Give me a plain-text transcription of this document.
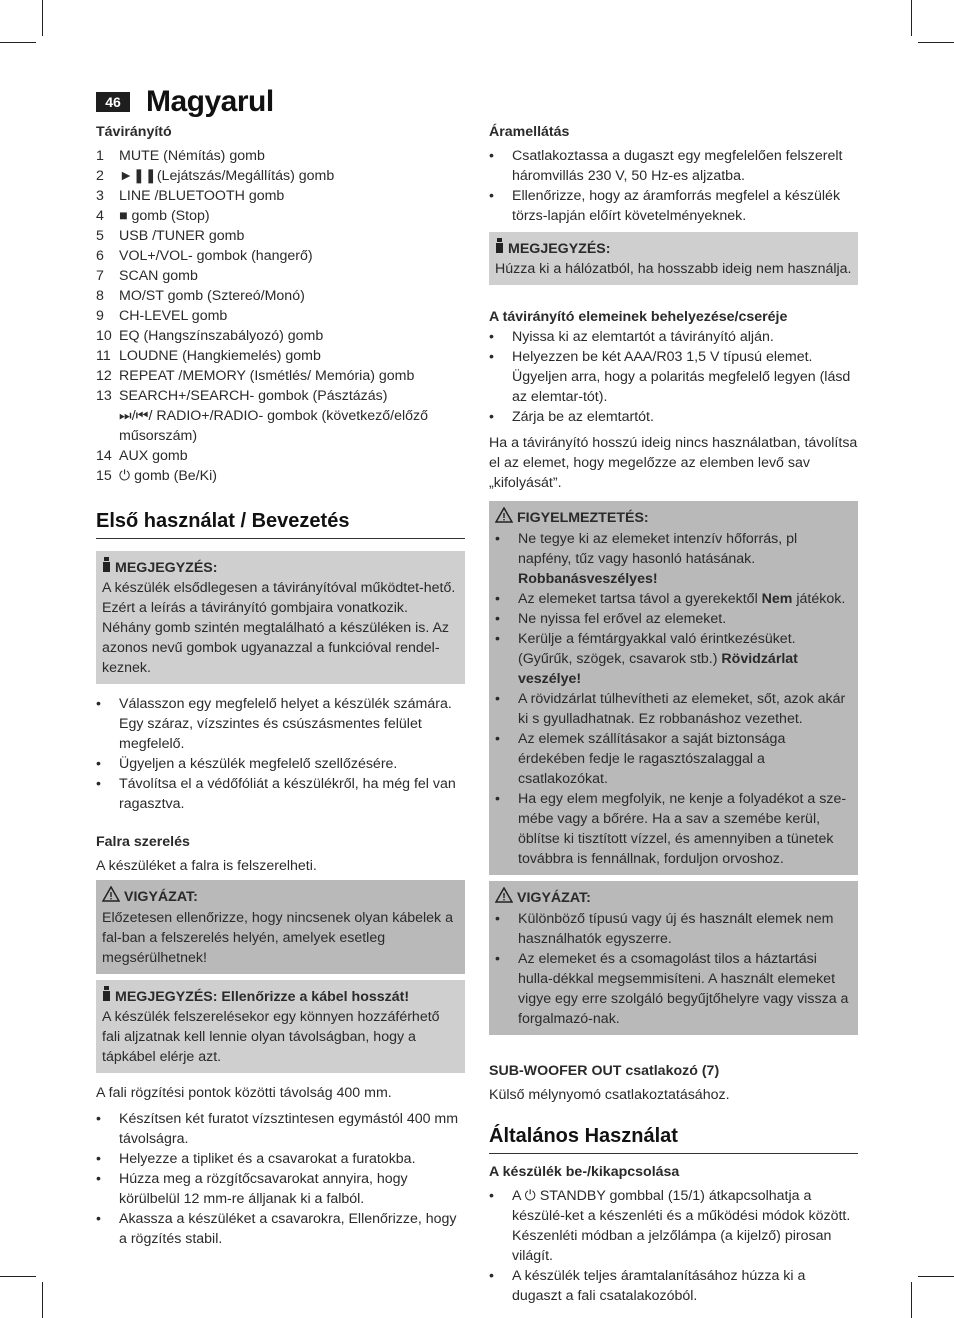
46 Magyarul

Távirányító

1	MUTE (Némítás) gomb
2	►❚❚(Lejátszás/Megállítás) gomb
3	LINE /BLUETOOTH gomb
4	■ gomb (Stop)
5	USB /TUNER gomb
6	VOL+/VOL- gombok (hangerő)
7	SCAN gomb
8	MO/ST gomb (Sztereó/Monó)
9	CH-LEVEL gomb
10 EQ (Hangszínszabályozó) gomb
11 LOUDNE (Hangkiemelés) gomb
12 REPEAT /MEMORY (Ismétlés/ Memória) gomb
13 SEARCH+/SEARCH- gombok (Pásztázás)
⏭/⏮/ RADIO+/RADIO- gombok (következő/előző műsorszám)
14 AUX gomb
15 ⏻ gomb (Be/Ki)
Első használat / Bevezetés
MEGJEGYZÉS:

A készülék elsődlegesen a távirányítóval működtet-hető. Ezért a leírás a távirányító gombjaira vonatkozik. Néhány gomb szintén megtalálható a készüléken is. Az azonos nevű gombok ugyanazzal a funkcióval rendel-keznek.

•	Válasszon egy megfelelő helyet a készülék számára. Egy száraz, vízszintes és csúszásmentes felület megfelelő.
•	Ügyeljen a készülék megfelelő szellőzésére.
•	Távolítsa el a védőfóliát a készülékről, ha még fel van ragasztva.

Falra szerelés

A készüléket a falra is felszerelheti.

VIGYÁZAT:

Előzetesen ellenőrizze, hogy nincsenek olyan kábelek a fal-ban a felszerelés helyén, amelyek esetleg megsérülhetnek!

MEGJEGYZÉS: Ellenőrizze a kábel hosszát!

A készülék felszerelésekor egy könnyen hozzáférhető fali aljzatnak kell lennie olyan távolságban, hogy a tápkábel elérje azt.

A fali rögzítési pontok közötti távolság 400 mm.

•	Készítsen két furatot vízsztintesen egymástól 400 mm távolságra.
•	Helyezze a tipliket és a csavarokat a furatokba.
•	Húzza meg a rözgítőcsavarokat annyira, hogy körülbelül 12 mm-re álljanak ki a falból.
•	Akassza a készüléket a csavarokra, Ellenőrizze, hogy a rögzítés stabil.

Áramellátás

•	Csatlakoztassa a dugaszt egy megfelelően felszerelt háromvillás 230 V, 50 Hz-es aljzatba.
•	Ellenőrizze, hogy az áramforrás megfelel a készülék törzs-lapján előírt követelményeknek.
MEGJEGYZÉS:

Húzza ki a hálózatból, ha hosszabb ideig nem használja.

A távirányító elemeinek behelyezése/cseréje

•	Nyissa ki az elemtartót a távirányító alján.
•	Helyezzen be két AAA/R03 1,5 V típusú elemet. Ügyeljen arra, hogy a polaritás megfelelő legyen (lásd az elemtar-tót).
•	Zárja be az elemtartót.

Ha a távirányító hosszú ideig nincs használatban, távolítsa el az elemet, hogy megelőzze az elemben levő sav „kifolyását”.

FIGYELMEZTETÉS:
•	Ne tegye ki az elemeket intenzív hőforrás, pl napfény, tűz vagy hasonló hatásának. Robbanásveszélyes!
•	Az elemeket tartsa távol a gyerekektől Nem játékok.
•	Ne nyissa fel erővel az elemeket.
•	Kerülje a fémtárgyakkal való érintkezésüket. (Gyűrűk, szögek, csavarok stb.) Rövidzárlat veszélye!
•	A rövidzárlat túlhevítheti az elemeket, sőt, azok akár ki s gyulladhatnak. Ez robbanáshoz vezethet.
•	Az elemek szállításakor a saját biztonsága érdekében fedje le ragasztószalaggal a csatlakozókat.
•	Ha egy elem megfolyik, ne kenje a folyadékot a sze-mébe vagy a bőrére. Ha a sav a szemébe kerül, öblítse ki tisztított vízzel, és amennyiben a tünetek továbbra is fennállnak, forduljon orvoshoz.
VIGYÁZAT:
•	Különböző típusú vagy új és használt elemek nem használhatók egyszerre.
•	Az elemeket és a csomagolást tilos a háztartási hulla-dékkal megsemmisíteni. A használt elemeket vigye egy erre szolgáló begyűjtőhelyre vagy vissza a forgalmazó-nak.

SUB-WOOFER OUT csatlakozó (7)

Külső mélynyomó csatlakoztatásához.

Általános Használat

A készülék be-/kikapcsolása

•	A ⏻ STANDBY gombbal (15/1) átkapcsolhatja a készülé-ket a készenléti és a működési módok között. Készenléti módban a jelzőlámpa (a kijelző) pirosan világít.
•	A készülék teljes áramtalanításához húzza ki a dugaszt a fali csatalakozóból.
